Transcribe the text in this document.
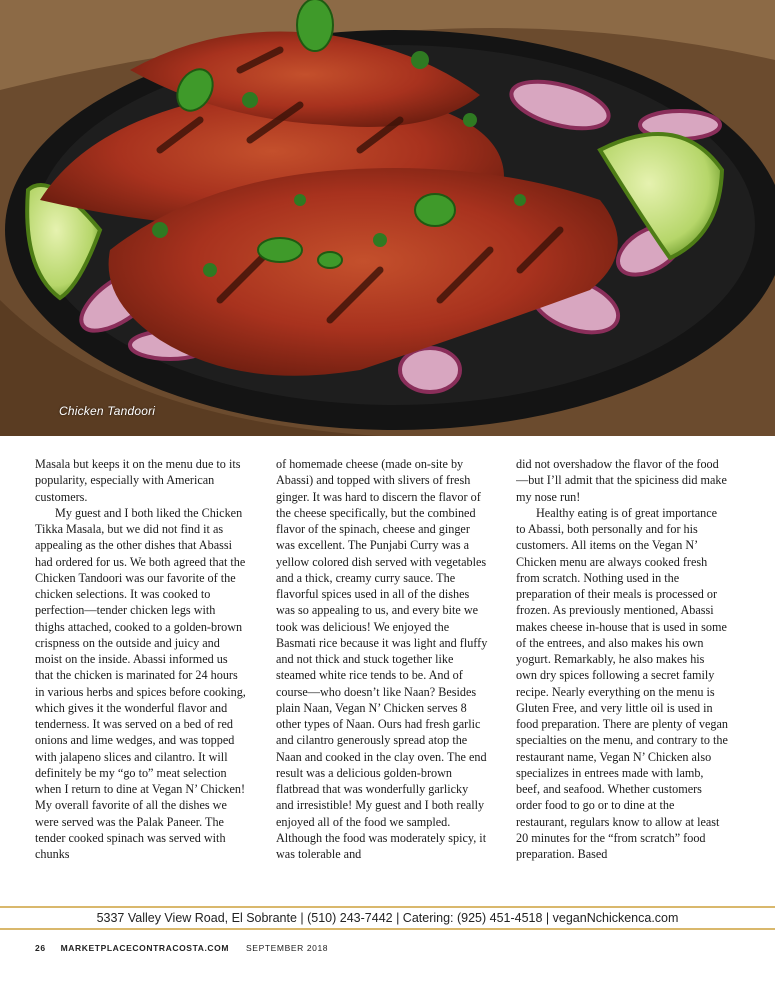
Chicken Tandoori

Masala but keeps it on the menu due to its popularity, especially with American customers.

My guest and I both liked the Chicken Tikka Masala, but we did not find it as appealing as the other dishes that Abassi had ordered for us. We both agreed that the Chicken Tandoori was our favorite of the chicken selections. It was cooked to perfection—tender chicken legs with thighs attached, cooked to a golden-brown crispness on the outside and juicy and moist on the inside. Abassi informed us that the chicken is marinated for 24 hours in various herbs and spices before cooking, which gives it the wonderful flavor and tenderness. It was served on a bed of red onions and lime wedges, and was topped with jalapeno slices and cilantro. It will definitely be my “go to” meat selection when I return to dine at Vegan N’ Chicken! My overall favorite of all the dishes we were served was the Palak Paneer. The tender cooked spinach was served with chunks

of homemade cheese (made on-site by Abassi) and topped with slivers of fresh ginger. It was hard to discern the flavor of the cheese specifically, but the combined flavor of the spinach, cheese and ginger was excellent. The Punjabi Curry was a yellow colored dish served with vegetables and a thick, creamy curry sauce. The flavorful spices used in all of the dishes was so appealing to us, and every bite we took was delicious! We enjoyed the Basmati rice because it was light and fluffy and not thick and stuck together like steamed white rice tends to be. And of course—who doesn’t like Naan? Besides plain Naan, Vegan N’ Chicken serves 8 other types of Naan. Ours had fresh garlic and cilantro generously spread atop the Naan and cooked in the clay oven. The end result was a delicious golden-brown flatbread that was wonderfully garlicky and irresistible! My guest and I both really enjoyed all of the food we sampled. Although the food was moderately spicy, it was tolerable and

did not overshadow the flavor of the food—but I’ll admit that the spiciness did make my nose run!

Healthy eating is of great importance to Abassi, both personally and for his customers. All items on the Vegan N’ Chicken menu are always cooked fresh from scratch. Nothing used in the preparation of their meals is processed or frozen. As previously mentioned, Abassi makes cheese in-house that is used in some of the entrees, and also makes his own yogurt. Remarkably, he also makes his own dry spices following a secret family recipe. Nearly everything on the menu is Gluten Free, and very little oil is used in food preparation. There are plenty of vegan specialties on the menu, and contrary to the restaurant name, Vegan N’ Chicken also specializes in entrees made with lamb, beef, and seafood. Whether customers order food to go or to dine at the restaurant, regulars know to allow at least 20 minutes for the “from scratch” food preparation. Based

5337 Valley View Road, El Sobrante | (510) 243-7442 | Catering: (925) 451-4518 | veganNchickenca.com
26 MARKETPLACECONTRACOSTA.COM SEPTEMBER 2018
